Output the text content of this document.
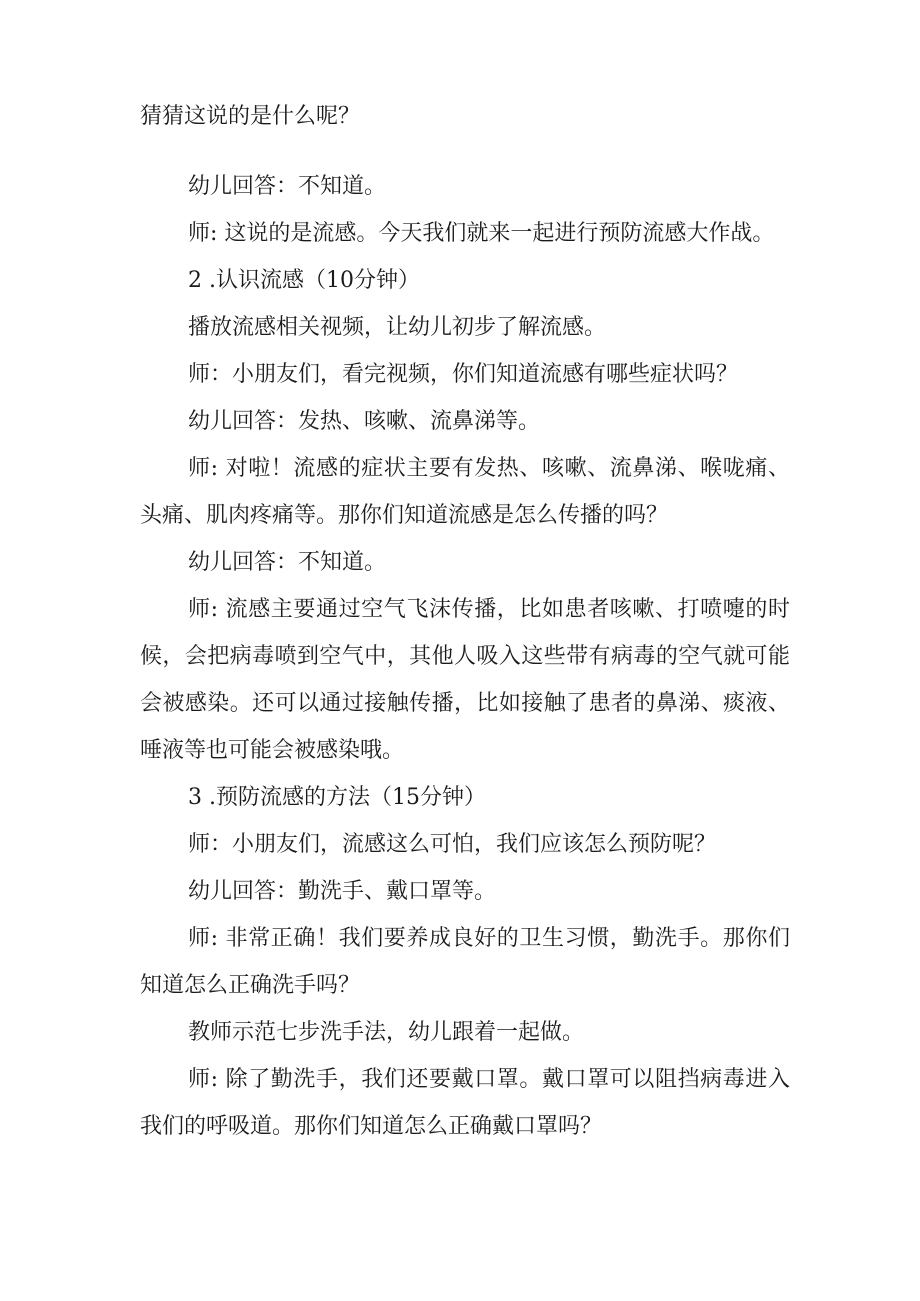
猜猜这说的是什么呢？

幼儿回答：不知道。

师: 这说的是流感。今天我们就来一起进行预防流感大作战。

2 .认识流感（10分钟）

播放流感相关视频，让幼儿初步了解流感。

师：小朋友们，看完视频，你们知道流感有哪些症状吗？

幼儿回答：发热、咳嗽、流鼻涕等。

师: 对啦！流感的症状主要有发热、咳嗽、流鼻涕、喉咙痛、头痛、肌肉疼痛等。那你们知道流感是怎么传播的吗？

幼儿回答：不知道。

师: 流感主要通过空气飞沫传播，比如患者咳嗽、打喷嚏的时候，会把病毒喷到空气中，其他人吸入这些带有病毒的空气就可能会被感染。还可以通过接触传播，比如接触了患者的鼻涕、痰液、唾液等也可能会被感染哦。

3 .预防流感的方法（15分钟）

师：小朋友们，流感这么可怕，我们应该怎么预防呢？

幼儿回答：勤洗手、戴口罩等。

师: 非常正确！我们要养成良好的卫生习惯，勤洗手。那你们知道怎么正确洗手吗？

教师示范七步洗手法，幼儿跟着一起做。

师: 除了勤洗手，我们还要戴口罩。戴口罩可以阻挡病毒进入我们的呼吸道。那你们知道怎么正确戴口罩吗？
